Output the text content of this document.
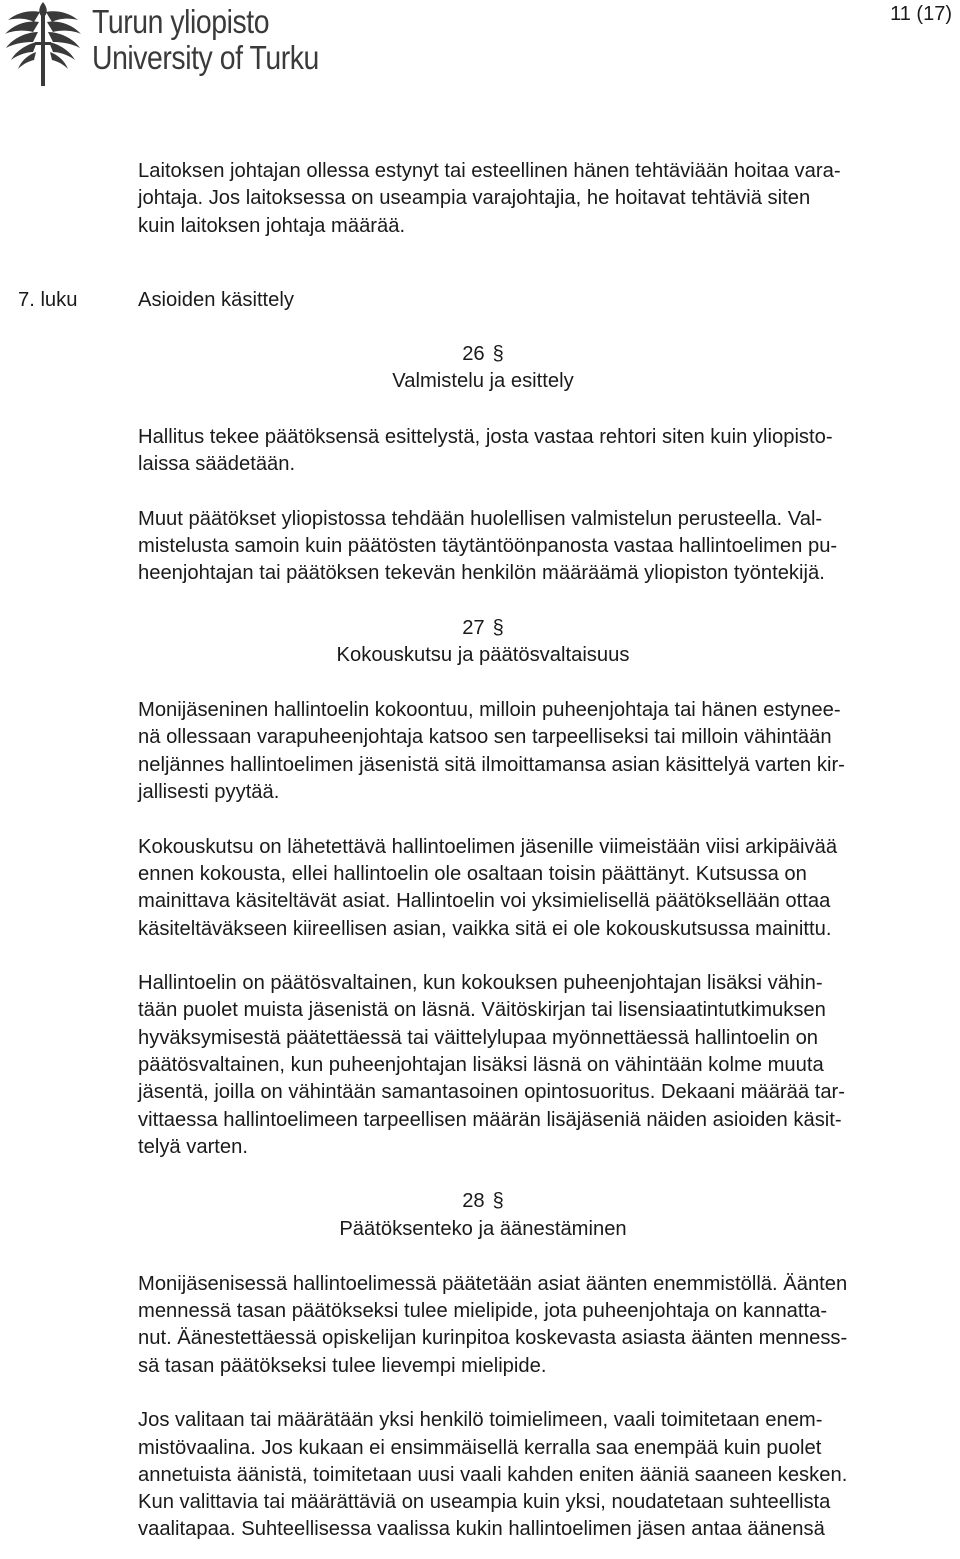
Turun yliopisto
University of Turku
11 (17)

Laitoksen johtajan ollessa estynyt tai esteellinen hänen tehtäviään hoitaa vara-
johtaja. Jos laitoksessa on useampia varajohtajia, he hoitavat tehtäviä siten
kuin laitoksen johtaja määrää.

7. luku	Asioiden käsittely
26 §
Valmistelu ja esittely

Hallitus tekee päätöksensä esittelystä, josta vastaa rehtori siten kuin yliopisto-
laissa säädetään.

Muut päätökset yliopistossa tehdään huolellisen valmistelun perusteella. Val-
mistelusta samoin kuin päätösten täytäntöönpanosta vastaa hallintoelimen pu-
heenjohtajan tai päätöksen tekevän henkilön määräämä yliopiston työntekijä.

27 §
Kokouskutsu ja päätösvaltaisuus

Monijäseninen hallintoelin kokoontuu, milloin puheenjohtaja tai hänen estynee-
nä ollessaan varapuheenjohtaja katsoo sen tarpeelliseksi tai milloin vähintään
neljännes hallintoelimen jäsenistä sitä ilmoittamansa asian käsittelyä varten kir-
jallisesti pyytää.

Kokouskutsu on lähetettävä hallintoelimen jäsenille viimeistään viisi arkipäivää
ennen kokousta, ellei hallintoelin ole osaltaan toisin päättänyt. Kutsussa on
mainittava käsiteltävät asiat. Hallintoelin voi yksimielisellä päätöksellään ottaa
käsiteltäväkseen kiireellisen asian, vaikka sitä ei ole kokouskutsussa mainittu.

Hallintoelin on päätösvaltainen, kun kokouksen puheenjohtajan lisäksi vähin-
tään puolet muista jäsenistä on läsnä. Väitöskirjan tai lisensiaatintutkimuksen
hyväksymisestä päätettäessä tai väittelylupaa myönnettäessä hallintoelin on
päätösvaltainen, kun puheenjohtajan lisäksi läsnä on vähintään kolme muuta
jäsentä, joilla on vähintään samantasoinen opintosuoritus. Dekaani määrää tar-
vittaessa hallintoelimeen tarpeellisen määrän lisäjäseniä näiden asioiden käsit-
telyä varten.

28 §
Päätöksenteko ja äänestäminen

Monijäsenisessä hallintoelimessä päätetään asiat äänten enemmistöllä. Äänten
mennessä tasan päätökseksi tulee mielipide, jota puheenjohtaja on kannatta-
nut. Äänestettäessä opiskelijan kurinpitoa koskevasta asiasta äänten menness-
sä tasan päätökseksi tulee lievempi mielipide.

Jos valitaan tai määrätään yksi henkilö toimielimeen, vaali toimitetaan enem-
mistövaalina. Jos kukaan ei ensimmäisellä kerralla saa enempää kuin puolet
annetuista äänistä, toimitetaan uusi vaali kahden eniten ääniä saaneen kesken.
Kun valittavia tai määrättäviä on useampia kuin yksi, noudatetaan suhteellista
vaalitapaa. Suhteellisessa vaalissa kukin hallintoelimen jäsen antaa äänensä
